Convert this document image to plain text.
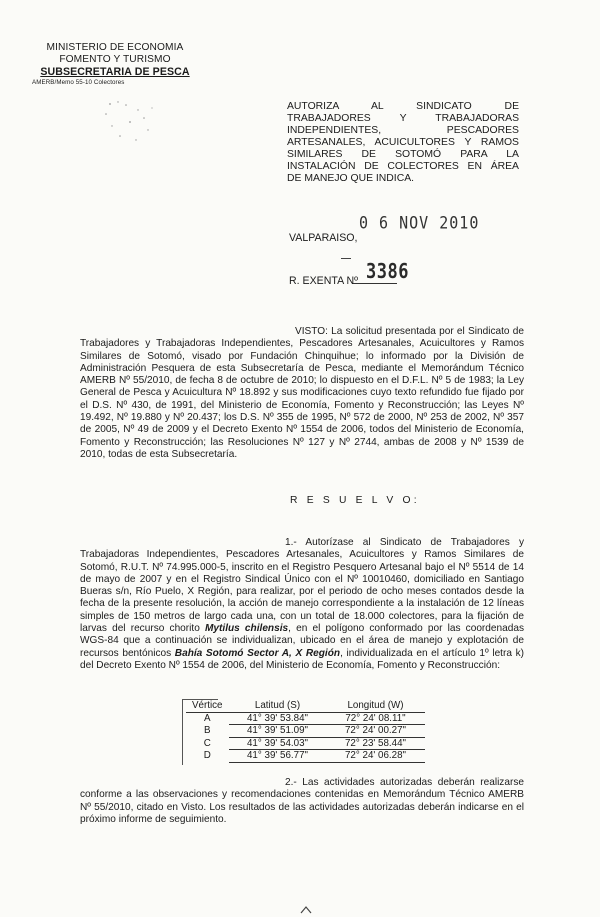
MINISTERIO DE ECONOMIA
FOMENTO Y TURISMO
SUBSECRETARIA DE PESCA
AMERB/Memo 55-10 Colectores
AUTORIZA AL SINDICATO DE
TRABAJADORES Y TRABAJADORAS
INDEPENDIENTES, PESCADORES
ARTESANALES, ACUICULTORES Y RAMOS
SIMILARES DE SOTOMÓ PARA LA
INSTALACIÓN DE COLECTORES EN ÁREA
DE MANEJO QUE INDICA.
VALPARAISO,
0 6 NOV 2010
R. EXENTA Nº 3386
VISTO: La solicitud presentada por el Sindicato de Trabajadores y Trabajadoras Independientes, Pescadores Artesanales, Acuicultores y Ramos Similares de Sotomó, visado por Fundación Chinquihue; lo informado por la División de Administración Pesquera de esta Subsecretaría de Pesca, mediante el Memorándum Técnico AMERB Nº 55/2010, de fecha 8 de octubre de 2010; lo dispuesto en el D.F.L. Nº 5 de 1983; la Ley General de Pesca y Acuicultura Nº 18.892 y sus modificaciones cuyo texto refundido fue fijado por el D.S. Nº 430, de 1991, del Ministerio de Economía, Fomento y Reconstrucción; las Leyes Nº 19.492, Nº 19.880 y Nº 20.437; los D.S. Nº 355 de 1995, Nº 572 de 2000, Nº 253 de 2002, Nº 357 de 2005, Nº 49 de 2009 y el Decreto Exento Nº 1554 de 2006, todos del Ministerio de Economía, Fomento y Reconstrucción; las Resoluciones Nº 127 y Nº 2744, ambas de 2008 y Nº 1539 de 2010, todas de esta Subsecretaría.
R E S U E L V O:
1.- Autorízase al Sindicato de Trabajadores y Trabajadoras Independientes, Pescadores Artesanales, Acuicultores y Ramos Similares de Sotomó, R.U.T. Nº 74.995.000-5, inscrito en el Registro Pesquero Artesanal bajo el Nº 5514 de 14 de mayo de 2007 y en el Registro Sindical Único con el Nº 10010460, domiciliado en Santiago Bueras s/n, Río Puelo, X Región, para realizar, por el periodo de ocho meses contados desde la fecha de la presente resolución, la acción de manejo correspondiente a la instalación de 12 líneas simples de 150 metros de largo cada una, con un total de 18.000 colectores, para la fijación de larvas del recurso chorito Mytilus chilensis, en el polígono conformado por las coordenadas WGS-84 que a continuación se individualizan, ubicado en el área de manejo y explotación de recursos bentónicos Bahía Sotomó Sector A, X Región, individualizada en el artículo 1º letra k) del Decreto Exento Nº 1554 de 2006, del Ministerio de Economía, Fomento y Reconstrucción:
Vértice	Latitud (S)	Longitud (W)
A	41° 39' 53.84"	72° 24' 08.11"
B	41° 39' 51.09"	72° 24' 00.27"
C	41° 39' 54.03"	72° 23' 58.44"
D	41° 39' 56.77"	72° 24' 06.28"
2.- Las actividades autorizadas deberán realizarse conforme a las observaciones y recomendaciones contenidas en Memorándum Técnico AMERB Nº 55/2010, citado en Visto. Los resultados de las actividades autorizadas deberán indicarse en el próximo informe de seguimiento.
